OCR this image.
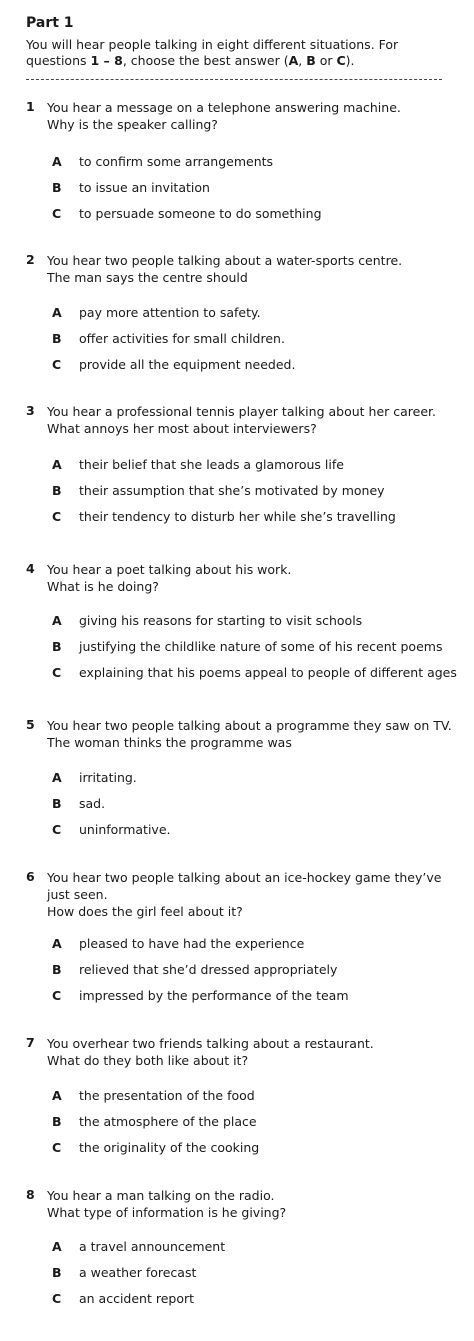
Part 1
You will hear people talking in eight different situations. For questions 1 – 8, choose the best answer (A, B or C).
1 You hear a message on a telephone answering machine.
Why is the speaker calling?
A to confirm some arrangements
B to issue an invitation
C to persuade someone to do something
2 You hear two people talking about a water-sports centre.
The man says the centre should
A pay more attention to safety.
B offer activities for small children.
C provide all the equipment needed.
3 You hear a professional tennis player talking about her career.
What annoys her most about interviewers?
A their belief that she leads a glamorous life
B their assumption that she’s motivated by money
C their tendency to disturb her while she’s travelling
4 You hear a poet talking about his work.
What is he doing?
A giving his reasons for starting to visit schools
B justifying the childlike nature of some of his recent poems
C explaining that his poems appeal to people of different ages
5 You hear two people talking about a programme they saw on TV.
The woman thinks the programme was
A irritating.
B sad.
C uninformative.
6 You hear two people talking about an ice-hockey game they’ve
just seen.
How does the girl feel about it?
A pleased to have had the experience
B relieved that she’d dressed appropriately
C impressed by the performance of the team
7 You overhear two friends talking about a restaurant.
What do they both like about it?
A the presentation of the food
B the atmosphere of the place
C the originality of the cooking
8 You hear a man talking on the radio.
What type of information is he giving?
A a travel announcement
B a weather forecast
C an accident report
